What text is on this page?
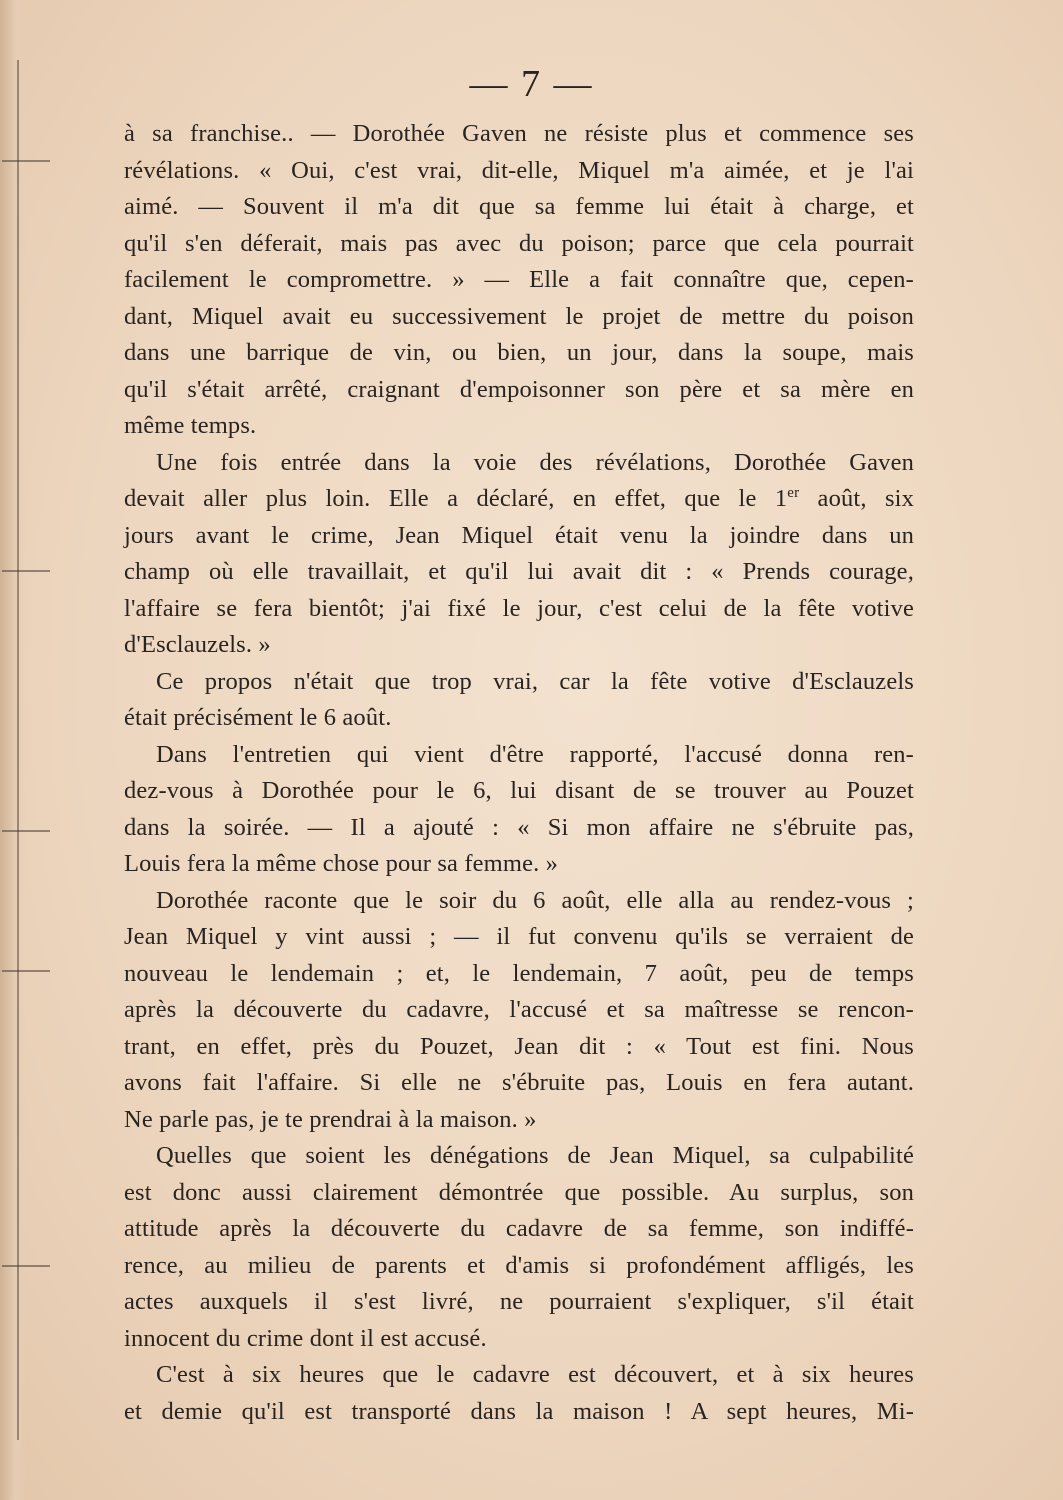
— 7 —
à sa franchise.. — Dorothée Gaven ne résiste plus et commence ses
révélations. « Oui, c'est vrai, dit-elle, Miquel m'a aimée, et je l'ai
aimé. — Souvent il m'a dit que sa femme lui était à charge, et
qu'il s'en déferait, mais pas avec du poison; parce que cela pourrait
facilement le compromettre. » — Elle a fait connaître que, cepen-
dant, Miquel avait eu successivement le projet de mettre du poison
dans une barrique de vin, ou bien, un jour, dans la soupe, mais
qu'il s'était arrêté, craignant d'empoisonner son père et sa mère en
même temps.
Une fois entrée dans la voie des révélations, Dorothée Gaven
devait aller plus loin. Elle a déclaré, en effet, que le 1er août, six
jours avant le crime, Jean Miquel était venu la joindre dans un
champ où elle travaillait, et qu'il lui avait dit : « Prends courage,
l'affaire se fera bientôt; j'ai fixé le jour, c'est celui de la fête votive
d'Esclauzels. »
Ce propos n'était que trop vrai, car la fête votive d'Esclauzels
était précisément le 6 août.
Dans l'entretien qui vient d'être rapporté, l'accusé donna ren-
dez-vous à Dorothée pour le 6, lui disant de se trouver au Pouzet
dans la soirée. — Il a ajouté : « Si mon affaire ne s'ébruite pas,
Louis fera la même chose pour sa femme. »
Dorothée raconte que le soir du 6 août, elle alla au rendez-vous ;
Jean Miquel y vint aussi ; — il fut convenu qu'ils se verraient de
nouveau le lendemain ; et, le lendemain, 7 août, peu de temps
après la découverte du cadavre, l'accusé et sa maîtresse se rencon-
trant, en effet, près du Pouzet, Jean dit : « Tout est fini. Nous
avons fait l'affaire. Si elle ne s'ébruite pas, Louis en fera autant.
Ne parle pas, je te prendrai à la maison. »
Quelles que soient les dénégations de Jean Miquel, sa culpabilité
est donc aussi clairement démontrée que possible. Au surplus, son
attitude après la découverte du cadavre de sa femme, son indiffé-
rence, au milieu de parents et d'amis si profondément affligés, les
actes auxquels il s'est livré, ne pourraient s'expliquer, s'il était
innocent du crime dont il est accusé.
C'est à six heures que le cadavre est découvert, et à six heures
et demie qu'il est transporté dans la maison ! A sept heures, Mi-
